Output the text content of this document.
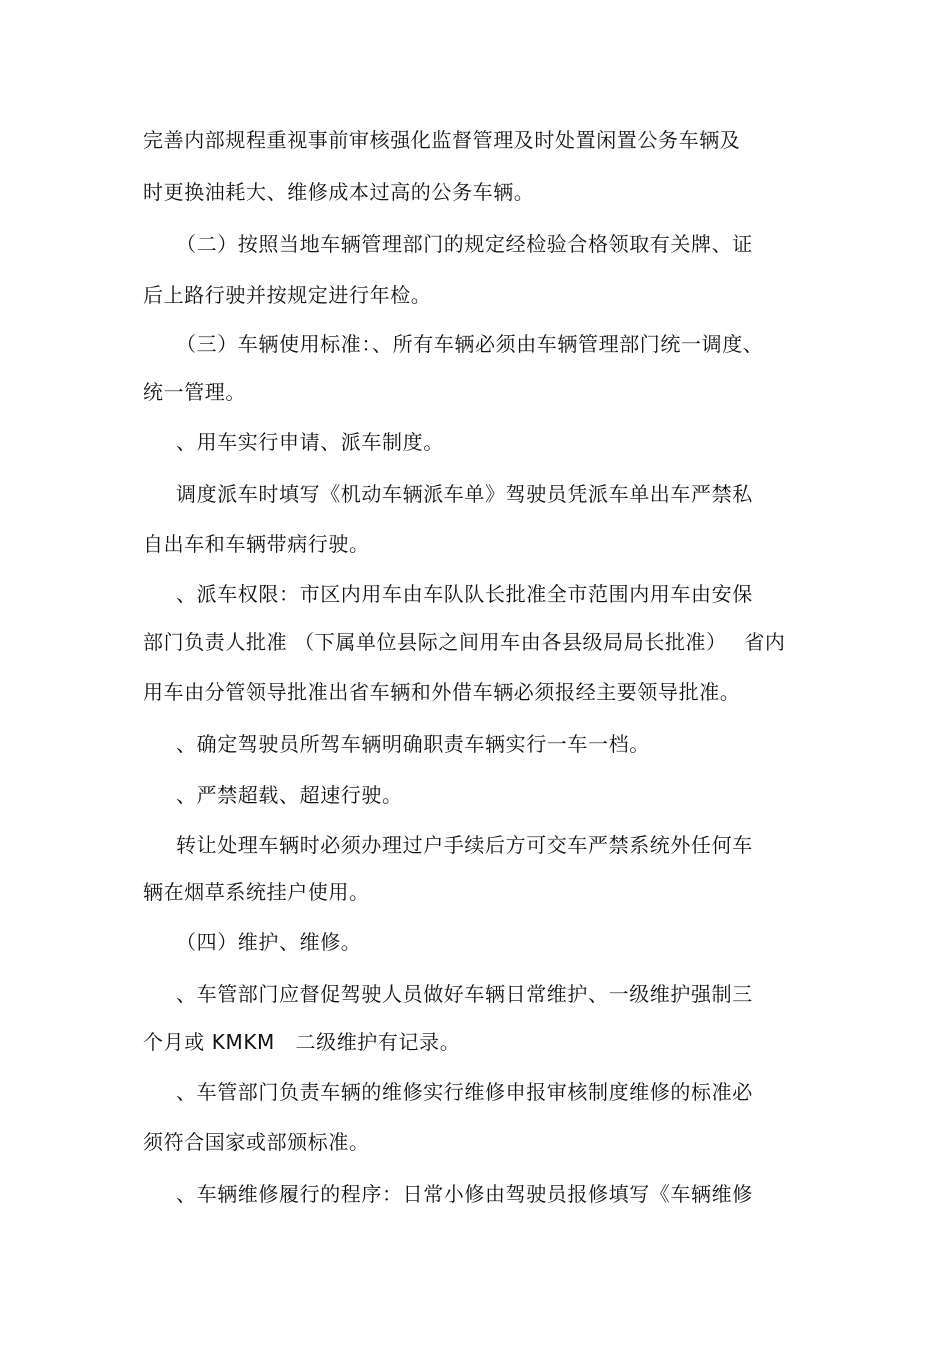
完善内部规程重视事前审核强化监督管理及时处置闲置公务车辆及
时更换油耗大、维修成本过高的公务车辆。
（二）按照当地车辆管理部门的规定经检验合格领取有关牌、证
后上路行驶并按规定进行年检。
（三）车辆使用标准：、所有车辆必须由车辆管理部门统一调度、
统一管理。
、用车实行申请、派车制度。
调度派车时填写《机动车辆派车单》驾驶员凭派车单出车严禁私
自出车和车辆带病行驶。
、派车权限：市区内用车由车队队长批准全市范围内用车由安保
部门负责人批准 （下属单位县际之间用车由各县级局局长批准）　 省内
用车由分管领导批准出省车辆和外借车辆必须报经主要领导批准。
、确定驾驶员所驾车辆明确职责车辆实行一车一档。
、严禁超载、超速行驶。
转让处理车辆时必须办理过户手续后方可交车严禁系统外任何车
辆在烟草系统挂户使用。
（四）维护、维修。
、车管部门应督促驾驶人员做好车辆日常维护、一级维护强制三
个月或 KMKM　二级维护有记录。
、车管部门负责车辆的维修实行维修申报审核制度维修的标准必
须符合国家或部颁标准。
、车辆维修履行的程序：日常小修由驾驶员报修填写《车辆维修
